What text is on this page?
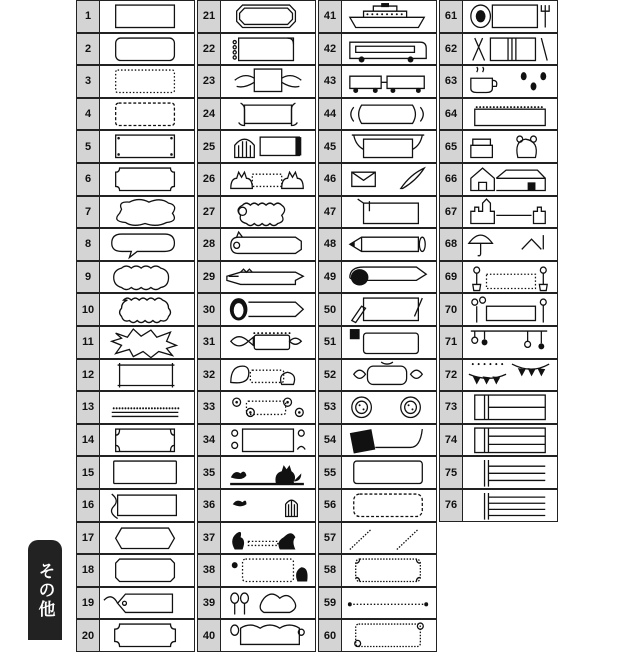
1
2
3
4
5
6
7
8
9
10
11
12
13
14
15
16
17
18
19
20
21
22
23
24
25
26
27
28
29
30
31
32
33
34
35
36
37
38
39
40
41
42
43
44
45
46
47
48
49
50
51
52
53
54
55
56
57
58
59
60
61
62
63
64
65
66
67
68
69
70
71
72
73
74
75
76
その他
